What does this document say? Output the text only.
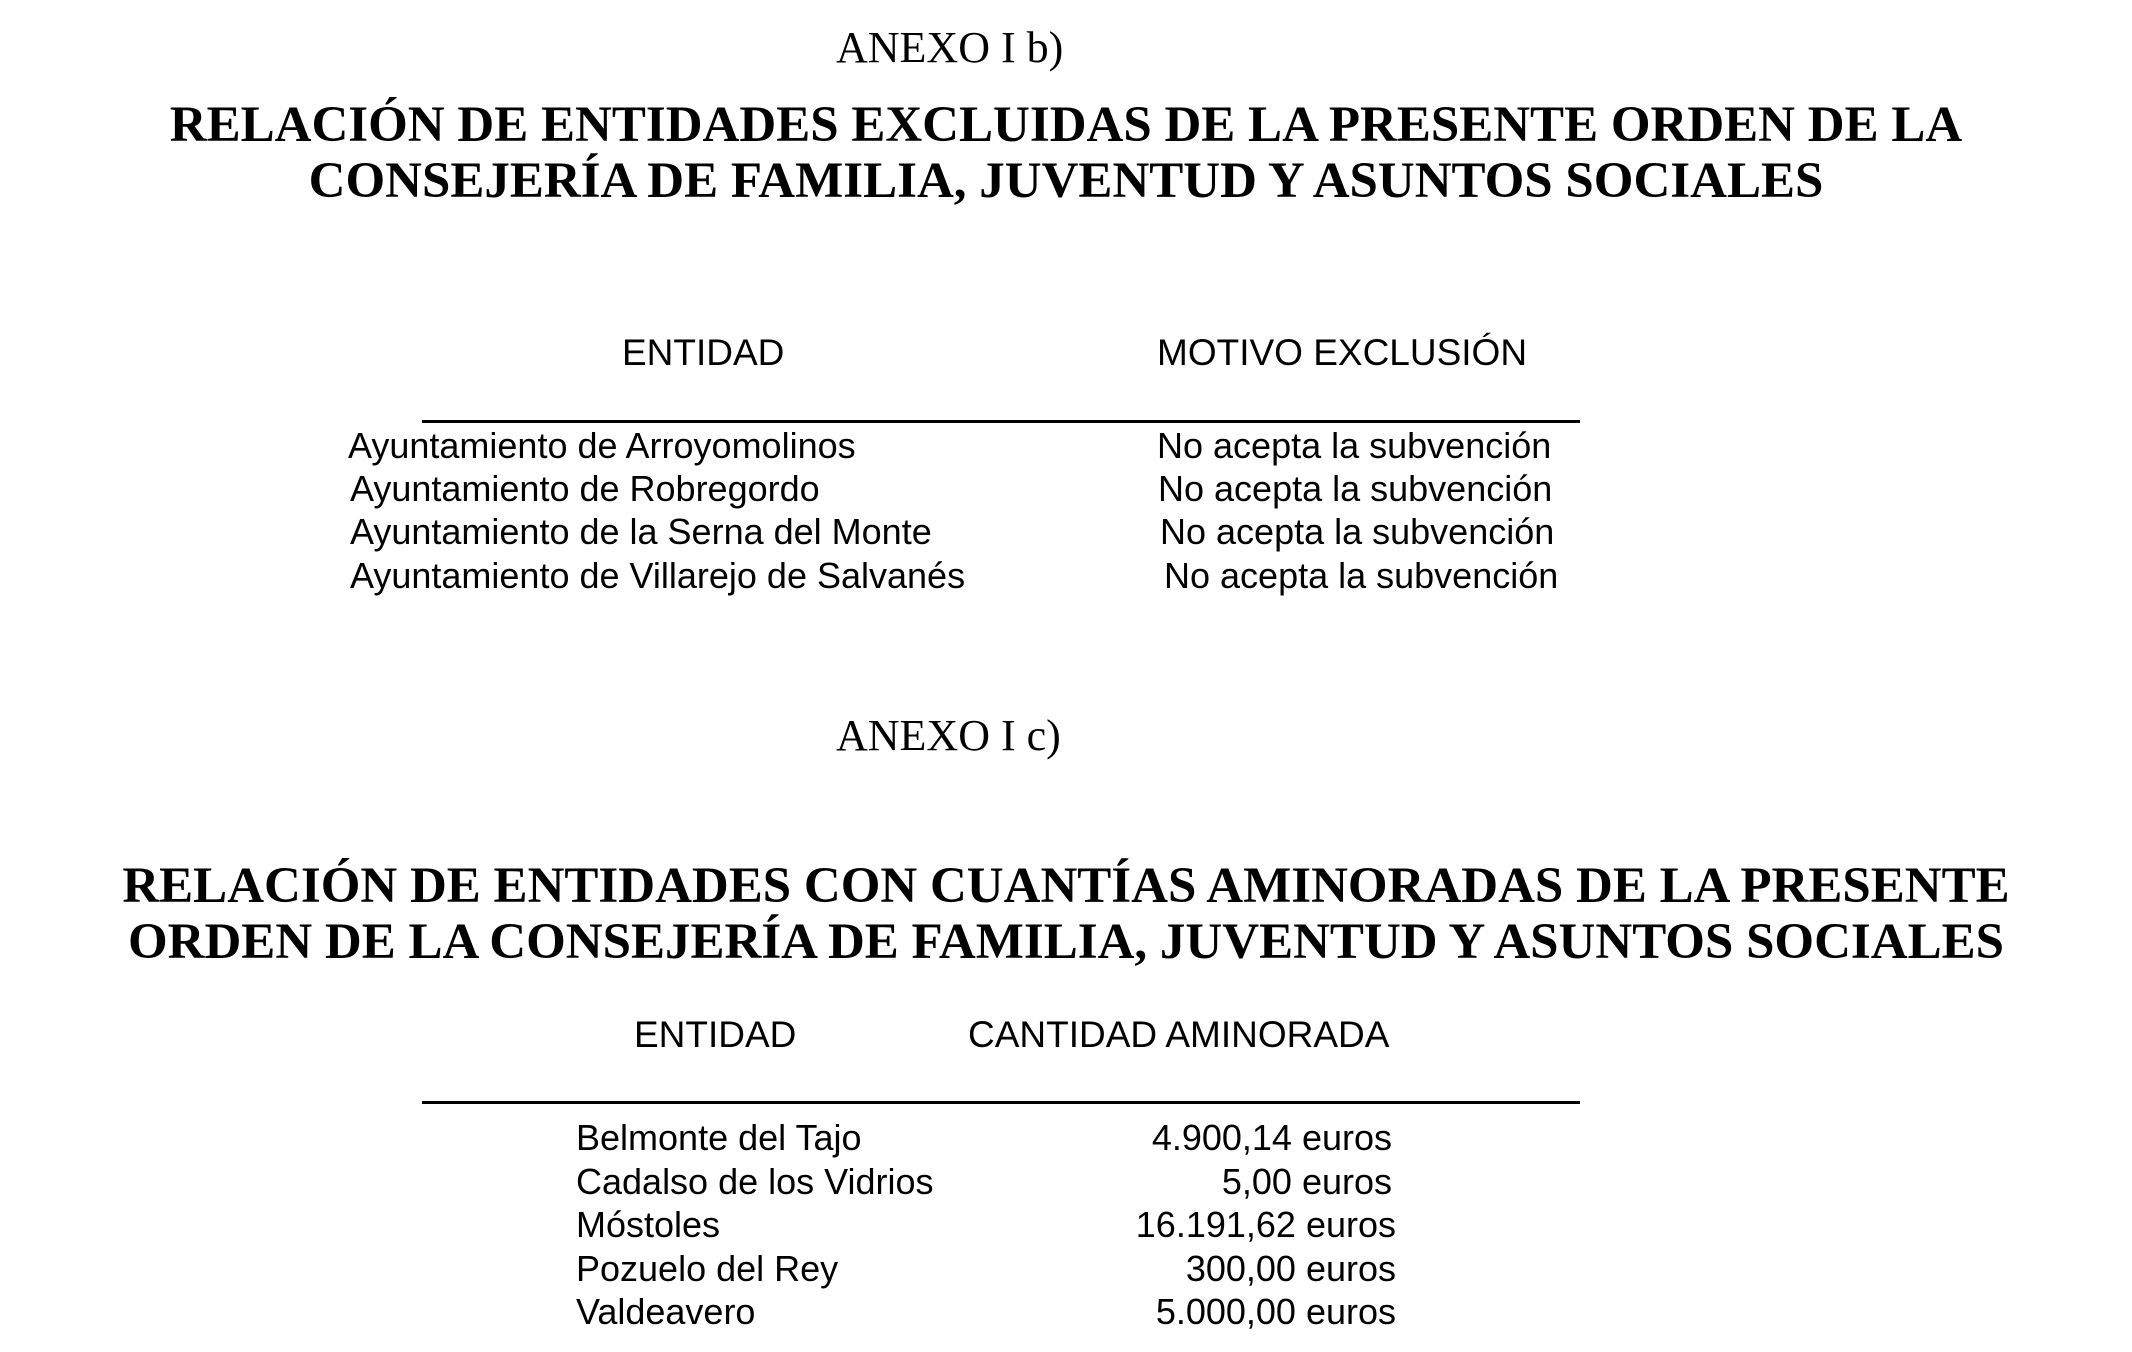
ANEXO I b)
RELACIÓN DE ENTIDADES EXCLUIDAS DE LA PRESENTE ORDEN DE LA
CONSEJERÍA DE FAMILIA, JUVENTUD Y ASUNTOS SOCIALES
ENTIDAD	MOTIVO EXCLUSIÓN
Ayuntamiento de Arroyomolinos	No acepta la subvención
Ayuntamiento de Robregordo	No acepta la subvención
Ayuntamiento de la Serna del Monte	No acepta la subvención
Ayuntamiento de Villarejo de Salvanés	No acepta la subvención
ANEXO I c)
RELACIÓN DE ENTIDADES CON CUANTÍAS AMINORADAS DE LA PRESENTE
ORDEN DE LA CONSEJERÍA DE FAMILIA, JUVENTUD Y ASUNTOS SOCIALES
ENTIDAD	CANTIDAD AMINORADA
Belmonte del Tajo	4.900,14 euros
Cadalso de los Vidrios	5,00 euros
Móstoles	16.191,62 euros
Pozuelo del Rey	300,00 euros
Valdeavero	5.000,00 euros
